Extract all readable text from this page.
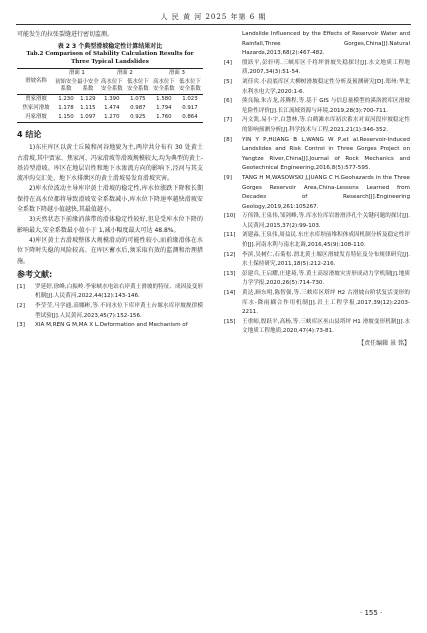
人 民 黄 河 2025 年第 6 期

可能发生的拉张裂缝进行密切监测。

表 2 3 个典型滑坡稳定性计算结果对比
Tab.2 Comparison of Stability Calculation Results for
Three Typical Landslides
滑坡名称	滑面 1		滑面 2		滑面 3	
	初始安全系数	最小安全系数	高水位下安全系数	低水位下安全系数	高水位下安全系数	低水位下安全系数
贾家滑坡	1.230	1.129	1.390	1.075	1.580	1.023
焦家河滑坡	1.178	1.115	1.474	0.987	1.794	0.917
冯家滑坡	1.150	1.097	1.270	0.925	1.760	0.864
4 结论

1)东庄库区以黄土丘陵和河谷地貌为主,两岸共分布有 30 处黄土古滑坡,其中贾家、焦家河、冯家滑坡等滑坡规模较大,均为典型的黄土-基岩型滑坡。库区在地层岩性和地下水渗流方向的影响下,泾河与其支流冲沟交汇处、地下水排泄区的黄土滑坡易发育滑坡灾害。

2)库水位波动主导库岸黄土滑坡的稳定性,库水位涨跌下降和长期保持在高水位都将导致滑坡安全系数减小,库水位下降速率越快滑坡安全系数下降越小值越快,其最值越小。

3)天然状态下前缘消落带的滑体稳定性较好,但是受库水位下降的影响最大,安全系数最小值小于 1,减小幅度最大可达 48.8%。

4)库区黄土古滑坡整体大规模滑动的可能性较小,而前缘滑体在水位下降时失稳的风险较高。在库区蓄水后,须采取有效的监测和治理措施。

参考文献:
[1]	罗延婷,徐峰,白振岭.李家峡水电站右岸黄土滑坡的特征、成因及变形机制[J].人民黄河,2022,44(12):143-146.
[2]	李莹莹,马学通,高娜彬,等.不同水位下库岸黄土台塬水库岸坡规律模型试验[J].人民黄河,2023,45(7):152-156.
[3]	XIA M,REN G M,MA X L.Deformation and Mechanism of
Landslide Influenced by the Effects of Reservoir Water and Rainfall,Three Gorges,China[J].Natural Hazards,2013,68(2):467-482.
[4]	殷跃平,彭轩明.三峡库区千将坪滑坡失稳探讨[J].水文地质工程地质,2007,34(3):51-54.
[5]	刘佳宾.小浪底库区大柳树滑坡稳定性分析及预测研究[D].郑州:华北水利水电大学,2020:1-6.
[6]	熊良翰,朱吉龙,苏腾程,等.基于 GIS 与信息量模型的溪洛渡库区滑坡危险性评价[J].长江流域资源与环境,2019,28(3):700-711.
[7]	冯文凯,易小宇,白慧林,等.白鹤滩水库初次蓄水对双河段岸坡稳定性的影响预测分析[J].科学技术与工程,2021,21(1):346-352.
[8]	YIN Y P,HUANG B L,WANG W P,et al.Reservoir-Induced Landslides and Risk Control in Three Gorges Project on Yangtze River,China[J].Journal of Rock Mechanics and Geotechnical Engineering,2016,8(5):577-595.
[9]	TANG H M,WASOWSKI J,JUANG C H.Geohazards in the Three Gorges Reservoir Area,China-Lessons Learned from Decades of Research[J].Engineering Geology,2019,261:105267.
[10]	万伟锋,王泉伟,邹剑峰,等.库水位库岩滑滑涉孔个关键问题的探讨[J].人民黄河,2015,37(2):99-103.
[11]	刘建淼,王泉伟,周益民.东庄水库坝前堆积体成因机制分析及稳定性评价[J].河南水利与南水北调,2016,45(9):108-110.
[12]	李滨,吴树仁,石菊松.渭北黄土塬区滑坡发育特征及分布规律研究[J].水土保持研究,2011,18(5):212-216.
[13]	彭建兵,王启耀,庄建琦,等.黄土高原滑坡灾害形成动力学机制[J].地质力学学报,2020,26(5):714-730.
[14]	黄达,顾东明,陈智强,等.三峡库区塔坪 H2 古滑坡台阶状复活变形的库水-降雨耦合作用机制[J].岩土工程学报,2017,39(12):2203-2211.
[15]	王重师,殷跃平,高杨,等.三峡库区巫山县塔坪 H1 滑坡变形机制[J].水文地质工程地质,2020,47(4):73-81.
【责任编辑 景 铭】
· 155 ·
